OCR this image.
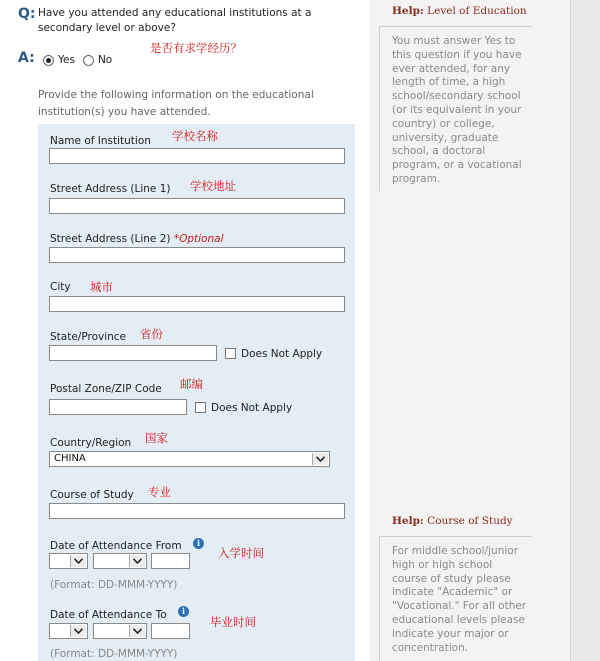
Q: Have you attended any educational institutions at a secondary level or above?
是否有求学经历？
A: Yes No
Provide the following information on the educational institution(s) you have attended.
Name of Institution 学校名称
Street Address (Line 1) 学校地址
Street Address (Line 2) *Optional
City 城市
State/Province 省份
Does Not Apply
Postal Zone/ZIP Code 邮编
Does Not Apply
Country/Region 国家
CHINA
Course of Study 专业
Date of Attendance From	i
入学时间
(Format: DD-MMM-YYYY)
Date of Attendance To	i
毕业时间
(Format: DD-MMM-YYYY)
Help: Level of Education
You must answer Yes to this question if you have ever attended, for any length of time, a high school/secondary school (or its equivalent in your country) or college, university, graduate school, a doctoral program, or a vocational program.
Help: Course of Study
For middle school/junior high or high school course of study please indicate "Academic" or "Vocational." For all other educational levels please indicate your major or concentration.
